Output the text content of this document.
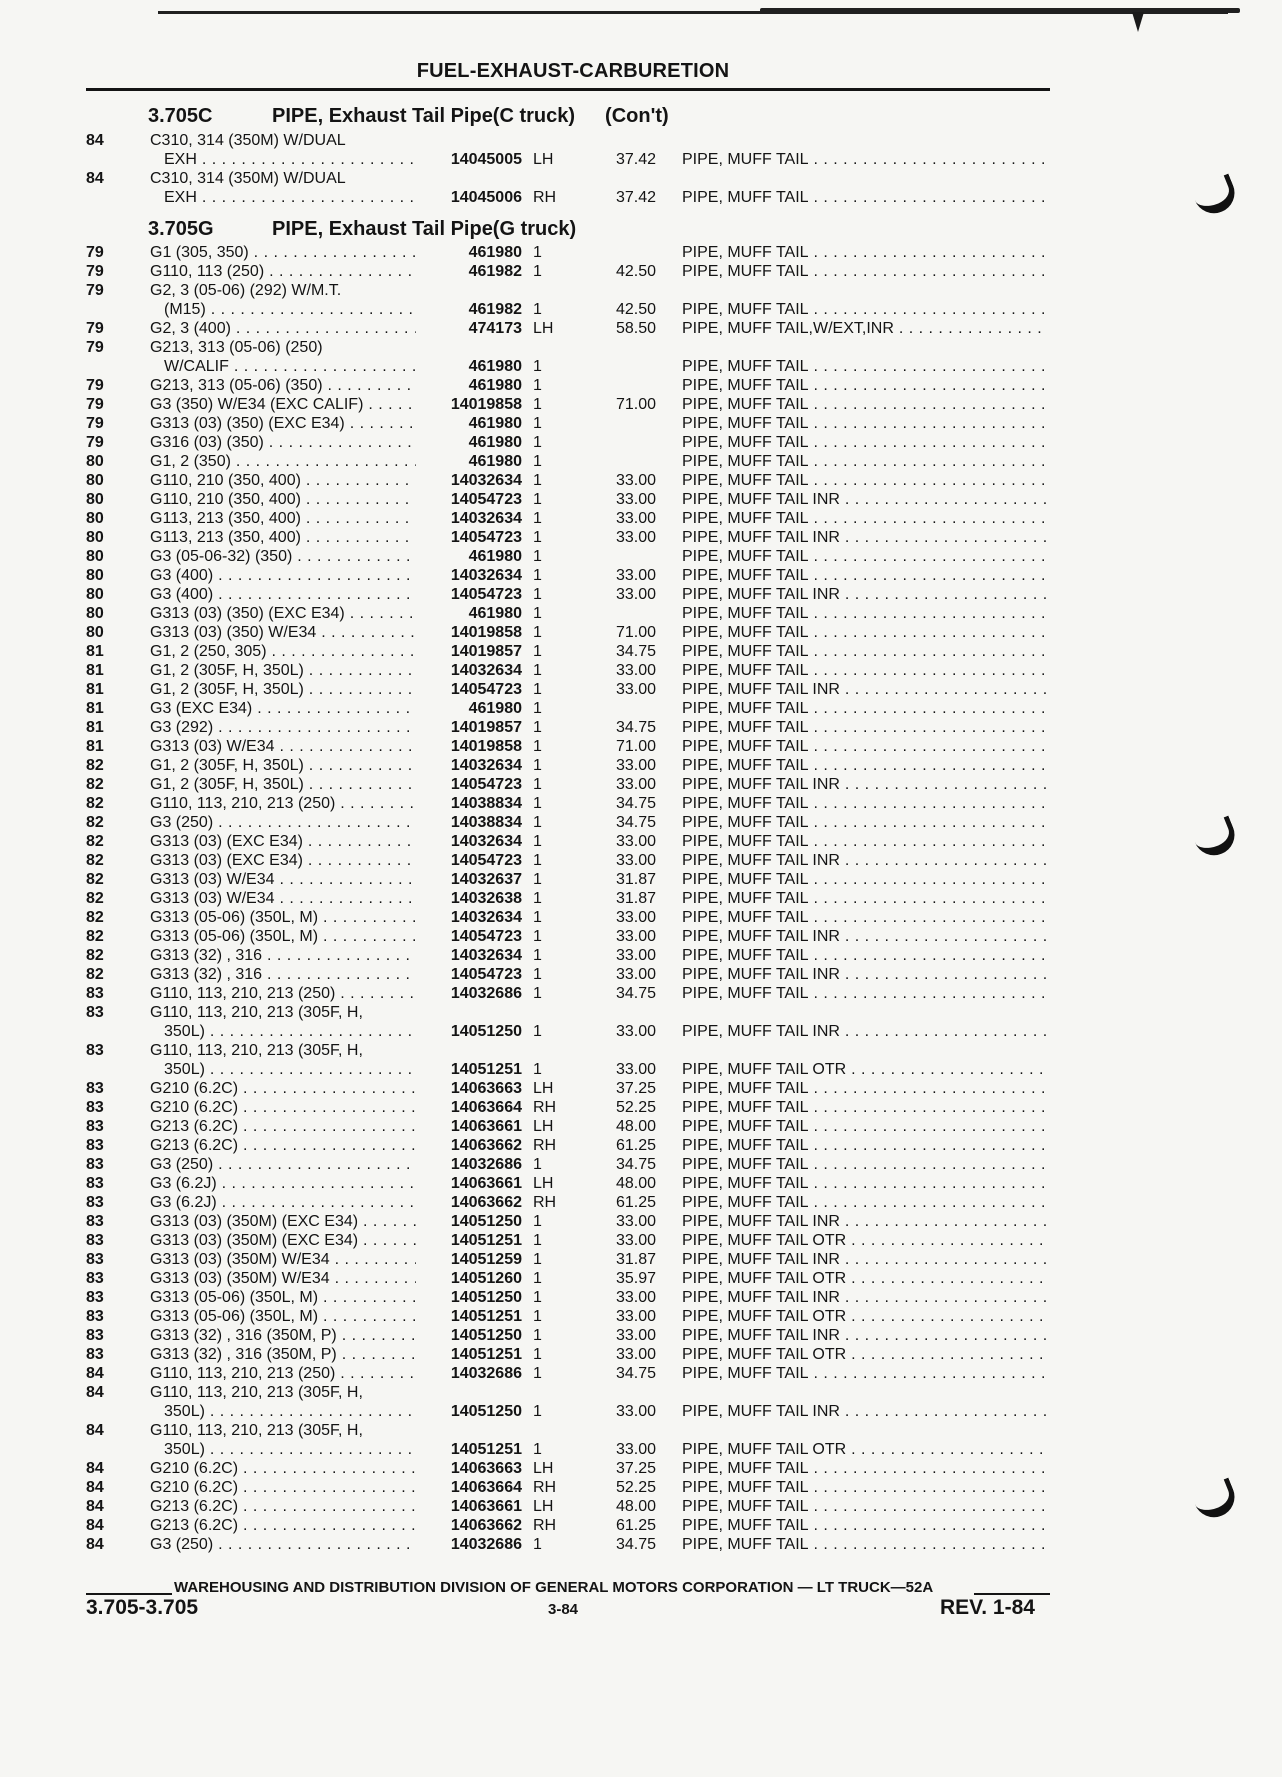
FUEL-EXHAUST-CARBURETION
3.705C	PIPE, Exhaust Tail Pipe(C truck) (Con't)
3.705G	PIPE, Exhaust Tail Pipe(G truck)
84	C310, 314 (350M) W/DUAL
EXH . . .	14045005 LH	37.42 PIPE, MUFF TAIL . . .
84	C310, 314 (350M) W/DUAL
EXH . . .	14045006 RH	37.42 PIPE, MUFF TAIL . . .
79	G1 (305, 350) . . .	461980 1	PIPE, MUFF TAIL . . .
79	G110, 113 (250) . . .	461982 1	42.50 PIPE, MUFF TAIL . . .
79	G2, 3 (05-06) (292) W/M.T.
(M15) . . .	461982 1	42.50 PIPE, MUFF TAIL . . .
79	G2, 3 (400) . . .	474173 LH	58.50 PIPE, MUFF TAIL,W/EXT,INR . . .
79	G213, 313 (05-06) (250)
W/CALIF . . .	461980 1	PIPE, MUFF TAIL . . .
79	G213, 313 (05-06) (350) . . .	461980 1	PIPE, MUFF TAIL . . .
79	G3 (350) W/E34 (EXC CALIF) . . .	14019858 1	71.00 PIPE, MUFF TAIL . . .
79	G313 (03) (350) (EXC E34) . . .	461980 1	PIPE, MUFF TAIL . . .
79	G316 (03) (350) . . .	461980 1	PIPE, MUFF TAIL . . .
80	G1, 2 (350) . . .	461980 1	PIPE, MUFF TAIL . . .
80	G110, 210 (350, 400) . . .	14032634 1	33.00 PIPE, MUFF TAIL . . .
80	G110, 210 (350, 400) . . .	14054723 1	33.00 PIPE, MUFF TAIL INR . . .
80	G113, 213 (350, 400) . . .	14032634 1	33.00 PIPE, MUFF TAIL . . .
80	G113, 213 (350, 400) . . .	14054723 1	33.00 PIPE, MUFF TAIL INR . . .
80	G3 (05-06-32) (350) . . .	461980 1	PIPE, MUFF TAIL . . .
80	G3 (400) . . .	14032634 1	33.00 PIPE, MUFF TAIL . . .
80	G3 (400) . . .	14054723 1	33.00 PIPE, MUFF TAIL INR . . .
80	G313 (03) (350) (EXC E34) . . .	461980 1	PIPE, MUFF TAIL . . .
80	G313 (03) (350) W/E34 . . .	14019858 1	71.00 PIPE, MUFF TAIL . . .
81	G1, 2 (250, 305) . . .	14019857 1	34.75 PIPE, MUFF TAIL . . .
81	G1, 2 (305F, H, 350L) . . .	14032634 1	33.00 PIPE, MUFF TAIL . . .
81	G1, 2 (305F, H, 350L) . . .	14054723 1	33.00 PIPE, MUFF TAIL INR . . .
81	G3 (EXC E34) . . .	461980 1	PIPE, MUFF TAIL . . .
81	G3 (292) . . .	14019857 1	34.75 PIPE, MUFF TAIL . . .
81	G313 (03) W/E34 . . .	14019858 1	71.00 PIPE, MUFF TAIL . . .
82	G1, 2 (305F, H, 350L) . . .	14032634 1	33.00 PIPE, MUFF TAIL . . .
82	G1, 2 (305F, H, 350L) . . .	14054723 1	33.00 PIPE, MUFF TAIL INR . . .
82	G110, 113, 210, 213 (250) . . .	14038834 1	34.75 PIPE, MUFF TAIL . . .
82	G3 (250) . . .	14038834 1	34.75 PIPE, MUFF TAIL . . .
82	G313 (03) (EXC E34) . . .	14032634 1	33.00 PIPE, MUFF TAIL . . .
82	G313 (03) (EXC E34) . . .	14054723 1	33.00 PIPE, MUFF TAIL INR . . .
82	G313 (03) W/E34 . . .	14032637 1	31.87 PIPE, MUFF TAIL . . .
82	G313 (03) W/E34 . . .	14032638 1	31.87 PIPE, MUFF TAIL . . .
82	G313 (05-06) (350L, M) . . .	14032634 1	33.00 PIPE, MUFF TAIL . . .
82	G313 (05-06) (350L, M) . . .	14054723 1	33.00 PIPE, MUFF TAIL INR . . .
82	G313 (32) , 316 . . .	14032634 1	33.00 PIPE, MUFF TAIL . . .
82	G313 (32) , 316 . . .	14054723 1	33.00 PIPE, MUFF TAIL INR . . .
83	G110, 113, 210, 213 (250) . . .	14032686 1	34.75 PIPE, MUFF TAIL . . .
83	G110, 113, 210, 213 (305F, H,
350L) . . .	14051250 1	33.00 PIPE, MUFF TAIL INR . . .
83	G110, 113, 210, 213 (305F, H,
350L) . . .	14051251 1	33.00 PIPE, MUFF TAIL OTR . . .
83	G210 (6.2C) . . .	14063663 LH	37.25 PIPE, MUFF TAIL . . .
83	G210 (6.2C) . . .	14063664 RH	52.25 PIPE, MUFF TAIL . . .
83	G213 (6.2C) . . .	14063661 LH	48.00 PIPE, MUFF TAIL . . .
83	G213 (6.2C) . . .	14063662 RH	61.25 PIPE, MUFF TAIL . . .
83	G3 (250) . . .	14032686 1	34.75 PIPE, MUFF TAIL . . .
83	G3 (6.2J) . . .	14063661 LH	48.00 PIPE, MUFF TAIL . . .
83	G3 (6.2J) . . .	14063662 RH	61.25 PIPE, MUFF TAIL . . .
83	G313 (03) (350M) (EXC E34) . . .	14051250 1	33.00 PIPE, MUFF TAIL INR . . .
83	G313 (03) (350M) (EXC E34) . . .	14051251 1	33.00 PIPE, MUFF TAIL OTR . . .
83	G313 (03) (350M) W/E34 . . .	14051259 1	31.87 PIPE, MUFF TAIL INR . . .
83	G313 (03) (350M) W/E34 . . .	14051260 1	35.97 PIPE, MUFF TAIL OTR . . .
83	G313 (05-06) (350L, M) . . .	14051250 1	33.00 PIPE, MUFF TAIL INR . . .
83	G313 (05-06) (350L, M) . . .	14051251 1	33.00 PIPE, MUFF TAIL OTR . . .
83	G313 (32) , 316 (350M, P) . . .	14051250 1	33.00 PIPE, MUFF TAIL INR . . .
83	G313 (32) , 316 (350M, P) . . .	14051251 1	33.00 PIPE, MUFF TAIL OTR . . .
84	G110, 113, 210, 213 (250) . . .	14032686 1	34.75 PIPE, MUFF TAIL . . .
84	G110, 113, 210, 213 (305F, H,
350L) . . .	14051250 1	33.00 PIPE, MUFF TAIL INR . . .
84	G110, 113, 210, 213 (305F, H,
350L) . . .	14051251 1	33.00 PIPE, MUFF TAIL OTR . . .
84	G210 (6.2C) . . .	14063663 LH	37.25 PIPE, MUFF TAIL . . .
84	G210 (6.2C) . . .	14063664 RH	52.25 PIPE, MUFF TAIL . . .
84	G213 (6.2C) . . .	14063661 LH	48.00 PIPE, MUFF TAIL . . .
84	G213 (6.2C) . . .	14063662 RH	61.25 PIPE, MUFF TAIL . . .
84	G3 (250) . . .	14032686 1	34.75 PIPE, MUFF TAIL . . .
WAREHOUSING AND DISTRIBUTION DIVISION OF GENERAL MOTORS CORPORATION — LT TRUCK—52A
3.705-3.705	3-84	REV. 1-84
